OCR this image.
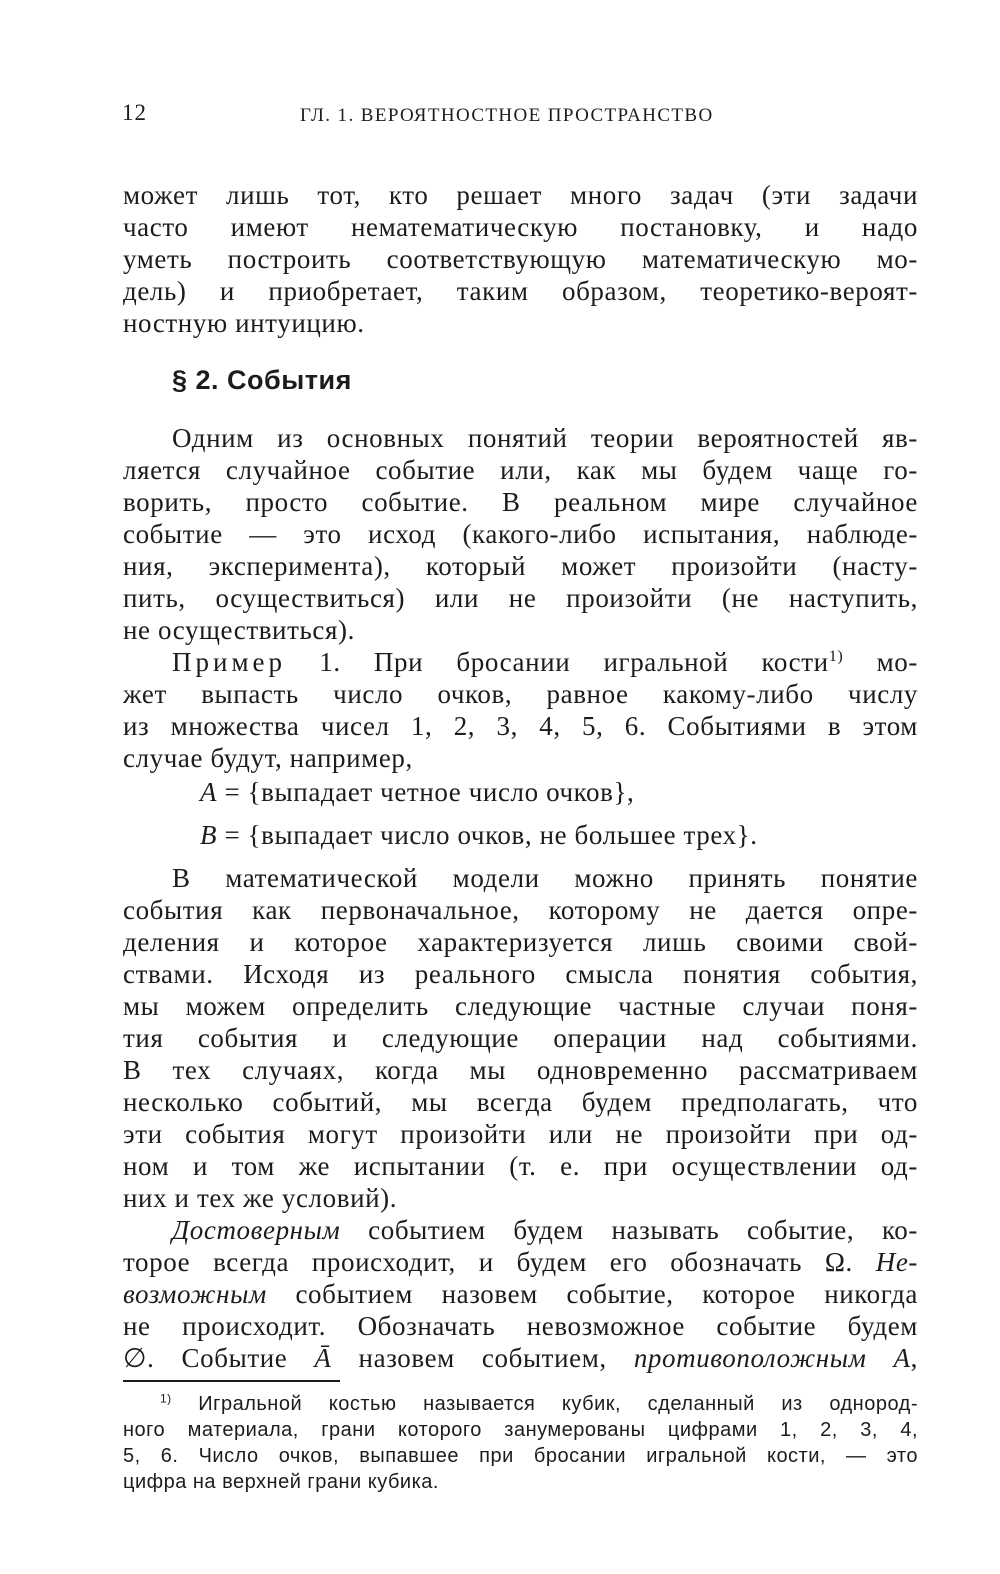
12	ГЛ. 1. ВЕРОЯТНОСТНОЕ ПРОСТРАНСТВО
может лишь тот, кто решает много задач (эти задачи
часто имеют нематематическую постановку, и надо
уметь построить соответствующую математическую мо-
дель) и приобретает, таким образом, теоретико-вероят-
ностную интуицию.
§ 2. События
Одним из основных понятий теории вероятностей яв-
ляется случайное событие или, как мы будем чаще го-
ворить, просто событие. В реальном мире случайное
событие — это исход (какого-либо испытания, наблюде-
ния, эксперимента), который может произойти (насту-
пить, осуществиться) или не произойти (не наступить,
не осуществиться).
Пример 1. При бросании игральной кости$^{1)}$ мо-
жет выпасть число очков, равное какому-либо числу
из множества чисел 1, 2, 3, 4, 5, 6. Событиями в этом
случае будут, например,
A = {выпадает четное число очков},
B = {выпадает число очков, не большее трех}.
В математической модели можно принять понятие
события как первоначальное, которому не дается опре-
деления и которое характеризуется лишь своими свой-
ствами. Исходя из реального смысла понятия события,
мы можем определить следующие частные случаи поня-
тия события и следующие операции над событиями.
В тех случаях, когда мы одновременно рассматриваем
несколько событий, мы всегда будем предполагать, что
эти события могут произойти или не произойти при од-
ном и том же испытании (т. е. при осуществлении од-
них и тех же условий).
Достоверным событием будем называть событие, ко-
торое всегда происходит, и будем его обозначать Ω. Не-
возможным событием назовем событие, которое никогда
не происходит. Обозначать невозможное событие будем
∅. Событие Ā назовем событием, противоположным A,
$^{1)}$ Игральной костью называется кубик, сделанный из однород-
ного материала, грани которого занумерованы цифрами 1, 2, 3, 4,
5, 6. Число очков, выпавшее при бросании игральной кости, — это
цифра на верхней грани кубика.
